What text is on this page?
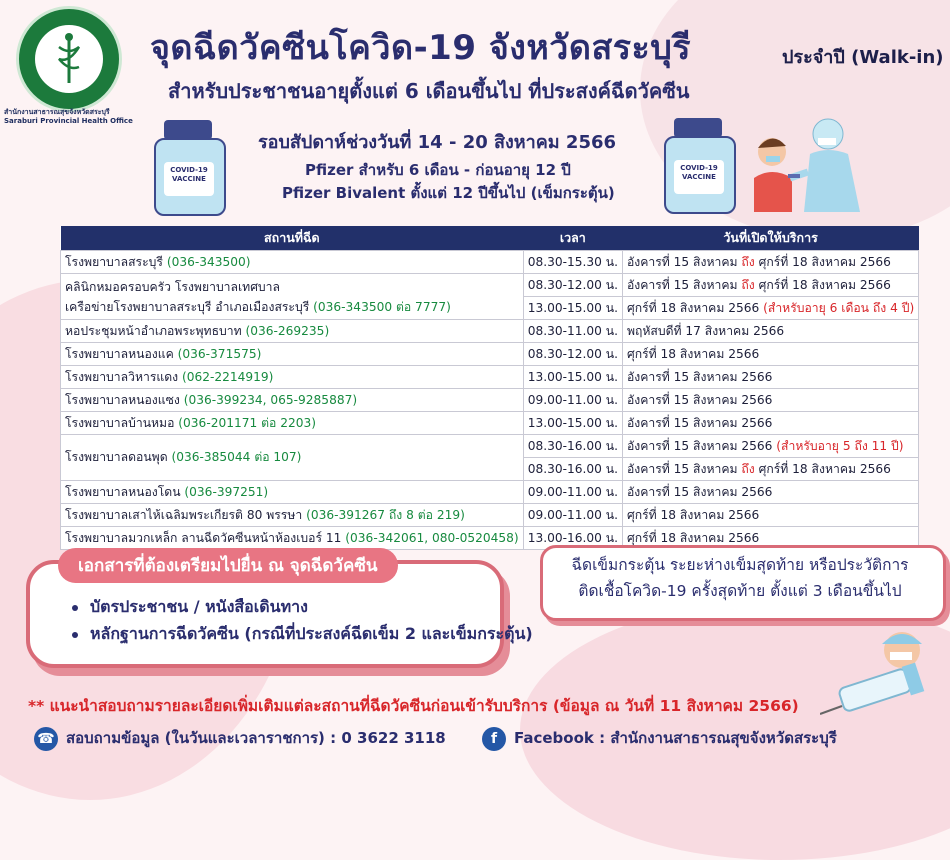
สำนักงานสาธารณสุขจังหวัดสระบุรี
Saraburi Provincial Health Office
จุดฉีดวัคซีนโควิด-19 จังหวัดสระบุรี
สำหรับประชาชนอายุตั้งแต่ 6 เดือนขึ้นไป ที่ประสงค์ฉีดวัคซีน
ประจำปี (Walk-in)
COVID-19 VACCINE
COVID-19 VACCINE
รอบสัปดาห์ช่วงวันที่ 14 - 20 สิงหาคม 2566
Pfizer สำหรับ 6 เดือน - ก่อนอายุ 12 ปี
Pfizer Bivalent ตั้งแต่ 12 ปีขึ้นไป (เข็มกระตุ้น)
สถานที่ฉีด	เวลา	วันที่เปิดให้บริการ
โรงพยาบาลสระบุรี (036-343500)	08.30-15.30 น.	อังคารที่ 15 สิงหาคม ถึง ศุกร์ที่ 18 สิงหาคม 2566

คลินิกหมอครอบครัว โรงพยาบาลเทศบาล
เครือข่ายโรงพยาบาลสระบุรี อำเภอเมืองสระบุรี (036-343500 ต่อ 7777)	08.30-12.00 น.	อังคารที่ 15 สิงหาคม ถึง ศุกร์ที่ 18 สิงหาคม 2566
	13.00-15.00 น.	ศุกร์ที่ 18 สิงหาคม 2566 (สำหรับอายุ 6 เดือน ถึง 4 ปี)
หอประชุมหน้าอำเภอพระพุทธบาท (036-269235)	08.30-11.00 น.	พฤหัสบดีที่ 17 สิงหาคม 2566
โรงพยาบาลหนองแค (036-371575)	08.30-12.00 น.	ศุกร์ที่ 18 สิงหาคม 2566
โรงพยาบาลวิหารแดง (062-2214919)	13.00-15.00 น.	อังคารที่ 15 สิงหาคม 2566
โรงพยาบาลหนองแซง (036-399234, 065-9285887)	09.00-11.00 น.	อังคารที่ 15 สิงหาคม 2566
โรงพยาบาลบ้านหมอ (036-201171 ต่อ 2203)	13.00-15.00 น.	อังคารที่ 15 สิงหาคม 2566
โรงพยาบาลดอนพุด (036-385044 ต่อ 107)	08.30-16.00 น.	อังคารที่ 15 สิงหาคม 2566 (สำหรับอายุ 5 ถึง 11 ปี)
	08.30-16.00 น.	อังคารที่ 15 สิงหาคม ถึง ศุกร์ที่ 18 สิงหาคม 2566
โรงพยาบาลหนองโดน (036-397251)	09.00-11.00 น.	อังคารที่ 15 สิงหาคม 2566
โรงพยาบาลเสาไห้เฉลิมพระเกียรติ 80 พรรษา (036-391267 ถึง 8 ต่อ 219)	09.00-11.00 น.	ศุกร์ที่ 18 สิงหาคม 2566
โรงพยาบาลมวกเหล็ก ลานฉีดวัคซีนหน้าห้องเบอร์ 11 (036-342061, 080-0520458)	13.00-16.00 น.	ศุกร์ที่ 18 สิงหาคม 2566
เอกสารที่ต้องเตรียมไปยื่น ณ จุดฉีดวัคซีน
บัตรประชาชน / หนังสือเดินทาง
หลักฐานการฉีดวัคซีน (กรณีที่ประสงค์ฉีดเข็ม 2 และเข็มกระตุ้น)
ฉีดเข็มกระตุ้น ระยะห่างเข็มสุดท้าย หรือประวัติการ
ติดเชื้อโควิด-19 ครั้งสุดท้าย ตั้งแต่ 3 เดือนขึ้นไป
** แนะนำสอบถามรายละเอียดเพิ่มเติมแต่ละสถานที่ฉีดวัคซีนก่อนเข้ารับบริการ (ข้อมูล ณ วันที่ 11 สิงหาคม 2566)
☎ สอบถามข้อมูล (ในวันและเวลาราชการ) : 0 3622 3118	f Facebook : สำนักงานสาธารณสุขจังหวัดสระบุรี
